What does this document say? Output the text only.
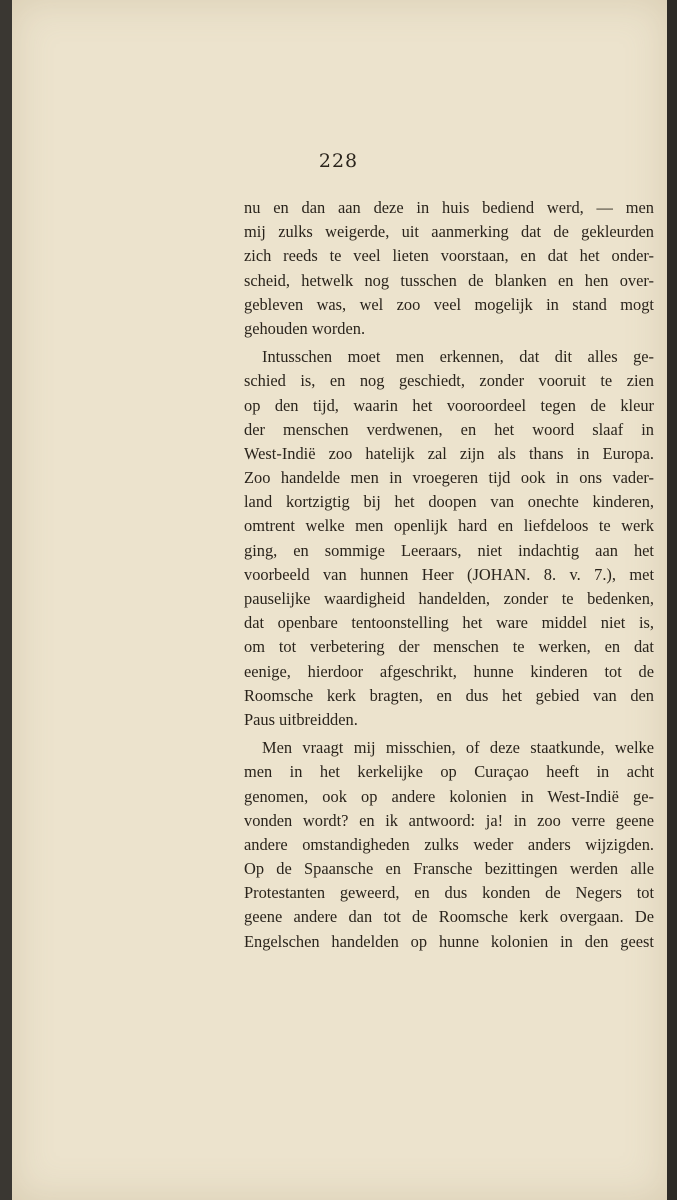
228
nu en dan aan deze in huis bediend werd, — men
mij zulks weigerde, uit aanmerking dat de gekleurden
zich reeds te veel lieten voorstaan, en dat het onder-
scheid, hetwelk nog tusschen de blanken en hen over-
gebleven was, wel zoo veel mogelijk in stand mogt
gehouden worden.
Intusschen moet men erkennen, dat dit alles ge-
schied is, en nog geschiedt, zonder vooruit te zien
op den tijd, waarin het vooroordeel tegen de kleur
der menschen verdwenen, en het woord slaaf in
West-Indië zoo hatelijk zal zijn als thans in Europa.
Zoo handelde men in vroegeren tijd ook in ons vader-
land kortzigtig bij het doopen van onechte kinderen,
omtrent welke men openlijk hard en liefdeloos te werk
ging, en sommige Leeraars, niet indachtig aan het
voorbeeld van hunnen Heer (JOHAN. 8. v. 7.), met
pauselijke waardigheid handelden, zonder te bedenken,
dat openbare tentoonstelling het ware middel niet is,
om tot verbetering der menschen te werken, en dat
eenige, hierdoor afgeschrikt, hunne kinderen tot de
Roomsche kerk bragten, en dus het gebied van den
Paus uitbreidden.
Men vraagt mij misschien, of deze staatkunde, welke
men in het kerkelijke op Curaçao heeft in acht
genomen, ook op andere kolonien in West-Indië ge-
vonden wordt? en ik antwoord: ja! in zoo verre geene
andere omstandigheden zulks weder anders wijzigden.
Op de Spaansche en Fransche bezittingen werden alle
Protestanten geweerd, en dus konden de Negers tot
geene andere dan tot de Roomsche kerk overgaan. De
Engelschen handelden op hunne kolonien in den geest
